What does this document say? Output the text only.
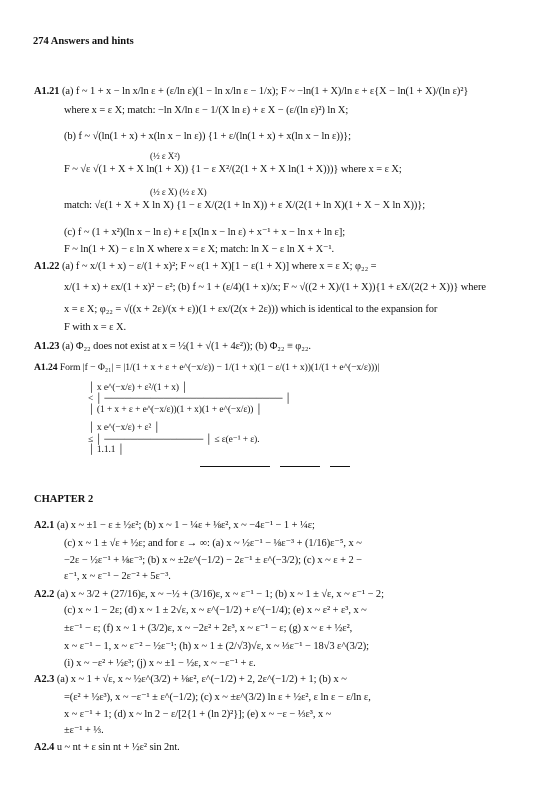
274 Answers and hints
A1.21 (a) f ~ 1 + x − ln x/ln ε + (ε/ln ε)(1 − ln x/ln ε − 1/x); F ~ −ln(1 + X)/ln ε + ε{X − ln(1 + X)/(ln ε)²}
where x = ε X; match: −ln X/ln ε − 1/(X ln ε) + ε X − (ε/(ln ε)²) ln X;
(b) f ~ √(ln(1 + x) + x(ln x − ln ε)) {1 + ε/(ln(1 + x) + x(ln x − ln ε))};
(½ ε X²)
F ~ √ε √(1 + X + X ln(1 + X)) {1 − ε X²/(2(1 + X + X ln(1 + X)))} where x = ε X;
(½ ε X) (½ ε X)
match: √ε(1 + X + X ln X) {1 − ε X/(2(1 + ln X)) + ε X/(2(1 + ln X)(1 + X − X ln X))};
(c) f ~ (1 + x²)(ln x − ln ε) + ε [x(ln x − ln ε) + x⁻¹ + x − ln x + ln ε];
F ~ ln(1 + X) − ε ln X where x = ε X; match: ln X − ε ln X + X⁻¹.
A1.22 (a) f ~ x/(1 + x) − ε/(1 + x)²; F ~ ε(1 + X)[1 − ε(1 + X)] where x = ε X; φ₂₂ =
x/(1 + x) + εx/(1 + x)² − ε²; (b) f ~ 1 + (ε/4)(1 + x)/x; F ~ √((2 + X)/(1 + X)){1 + εX/(2(2 + X))} where
x = ε X; φ₂₂ = √((x + 2ε)/(x + ε))(1 + εx/(2(x + 2ε))) which is identical to the expansion for
F with x = ε X.
A1.23 (a) Φ₂₂ does not exist at x = ½(1 + √(1 + 4ε²)); (b) Φ₂₂ ≡ φ₂₂.
A1.24 Form |f − Φ₂₁| = |1/(1 + x + ε + e^(−x/ε)) − 1/(1 + x)(1 − ε/(1 + x))(1/(1 + e^(−x/ε)))|
│ x e^(−x/ε) + ε²/(1 + x) │
< │ ─────────────────────────── │
│ (1 + x + ε + e^(−x/ε))(1 + x)(1 + e^(−x/ε)) │
│ x e^(−x/ε) + ε² │
≤ │ ─────────────── │ ≤ ε(e⁻¹ + ε).
│ 1.1.1 │
CHAPTER 2
A2.1 (a) x ~ ±1 − ε ± ½ε²; (b) x ~ 1 − ¼ε + ⅛ε², x ~ −4ε⁻¹ − 1 + ¼ε;
(c) x ~ 1 ± √ε + ½ε; and for ε → ∞: (a) x ~ ½ε⁻¹ − ⅛ε⁻³ + (1/16)ε⁻⁵, x ~
−2ε − ½ε⁻¹ + ⅛ε⁻³; (b) x ~ ±2ε^(−1/2) − 2ε⁻¹ ± ε^(−3/2); (c) x ~ ε + 2 −
ε⁻¹, x ~ ε⁻¹ − 2ε⁻² + 5ε⁻³.
A2.2 (a) x ~ 3/2 + (27/16)ε, x ~ −½ + (3/16)ε, x ~ ε⁻¹ − 1; (b) x ~ 1 ± √ε, x ~ ε⁻¹ − 2;
(c) x ~ 1 − 2ε; (d) x ~ 1 ± 2√ε, x ~ ε^(−1/2) + ε^(−1/4); (e) x ~ ε² + ε³, x ~
±ε⁻¹ − ε; (f) x ~ 1 + (3/2)ε, x ~ −2ε² + 2ε³, x ~ ε⁻¹ − ε; (g) x ~ ε + ½ε²,
x ~ ε⁻¹ − 1, x ~ ε⁻² − ½ε⁻¹; (h) x ~ 1 ± (2/√3)√ε, x ~ ⅓ε⁻¹ − 18√3 ε^(3/2);
(i) x ~ −ε² + ½ε³; (j) x ~ ±1 − ½ε, x ~ −ε⁻¹ + ε.
A2.3 (a) x ~ 1 + √ε, x ~ ½ε^(3/2) + ⅛ε², ε^(−1/2) + 2, 2ε^(−1/2) + 1; (b) x ~
=(ε² + ½ε³), x ~ −ε⁻¹ ± ε^(−1/2); (c) x ~ ±ε^(3/2) ln ε + ½ε², ε ln ε − ε/ln ε,
x ~ ε⁻¹ + 1; (d) x ~ ln 2 − ε/[2{1 + (ln 2)²}]; (e) x ~ −ε − ⅓ε³, x ~
±ε⁻¹ + ⅓.
A2.4 u ~ nt + ε sin nt + ½ε² sin 2nt.
